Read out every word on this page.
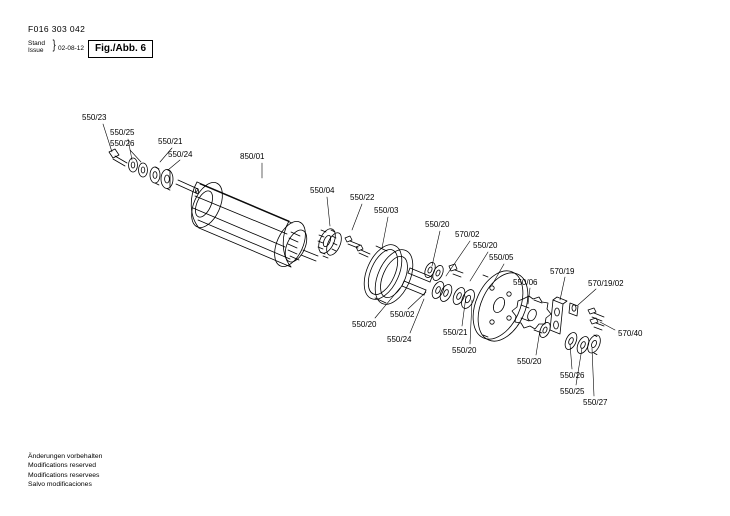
F016 303 042
Stand
Issue } 02-08-12	Fig./Abb. 6
550/23
550/25
550/26	550/21
550/24	850/01
550/04
550/22
550/03
550/20
570/02
550/20
550/05
550/06
570/19
570/19/02
570/40
550/20
550/26
550/25
550/27
550/20
550/21
550/24
550/02
550/20
Änderungen vorbehalten
Modifications reserved
Modifications reservees
Salvo modificaciones
